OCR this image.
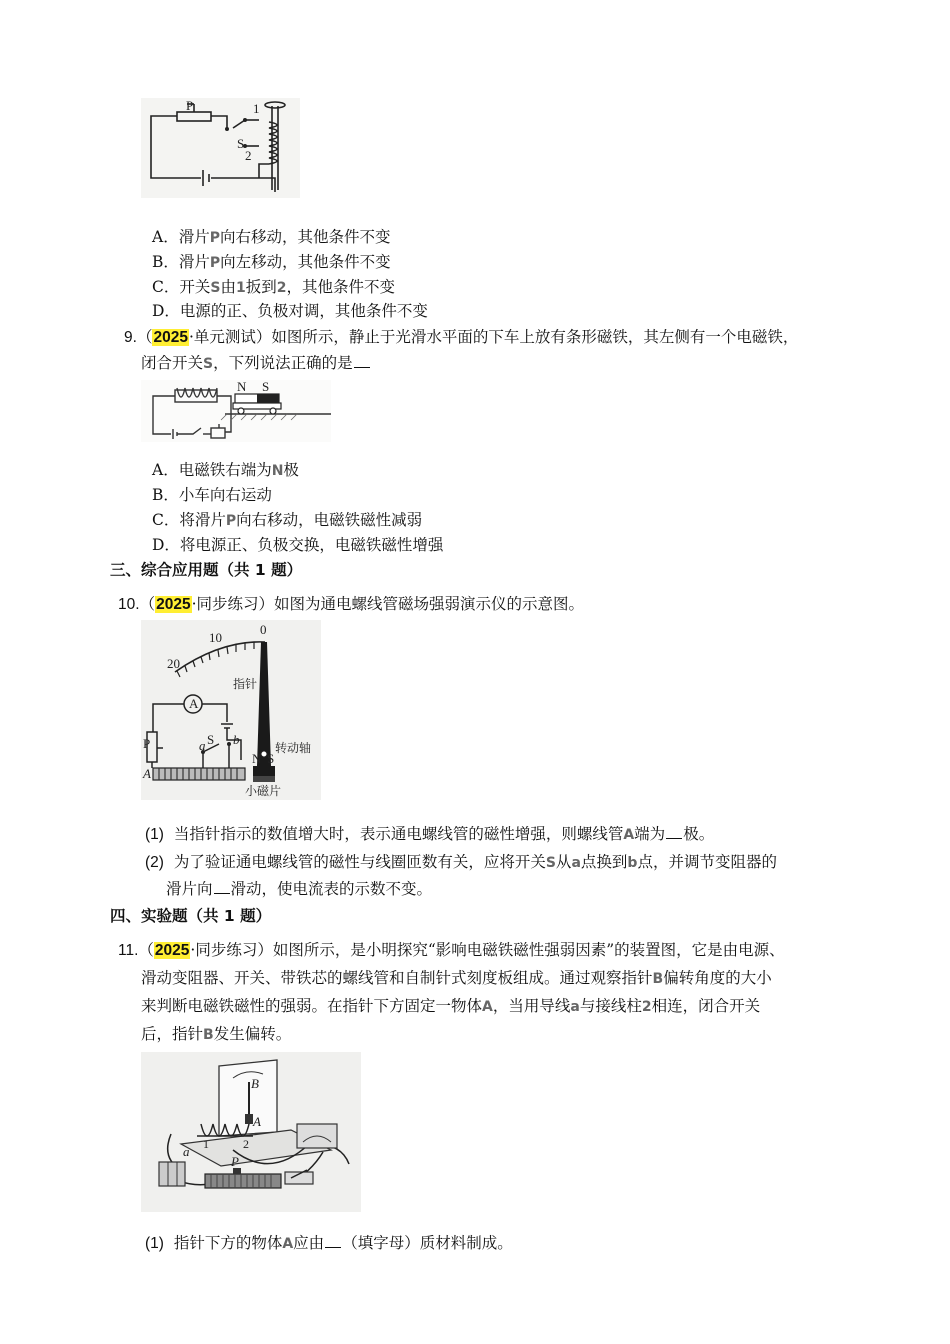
P	1
S
2
A．滑片P向右移动，其他条件不变
B．滑片P向左移动，其他条件不变
C．开关S由1扳到2，其他条件不变
D．电源的正、负极对调，其他条件不变
9.（2025·单元测试）如图所示，静止于光滑水平面的下车上放有条形磁铁，其左侧有一个电磁铁，
闭合开关S，下列说法正确的是
N S
A．电磁铁右端为N极
B．小车向右运动
C．将滑片P向右移动，电磁铁磁性减弱
D．将电源正、负极交换，电磁铁磁性增强
三、综合应用题（共 1 题）
10.（2025·同步练习）如图为通电螺线管磁场强弱演示仪的示意图。
0
10
20
指针
A
P	S
a b
A
N S
转动轴
小磁片
(1) 当指针指示的数值增大时，表示通电螺线管的磁性增强，则螺线管A端为 极。
(2) 为了验证通电螺线管的磁性与线圈匝数有关，应将开关S从a点换到b点，并调节变阻器的
滑片向 滑动，使电流表的示数不变。
四、实验题（共 1 题）
11.（2025·同步练习）如图所示，是小明探究“影响电磁铁磁性强弱因素”的装置图，它是由电源、
滑动变阻器、开关、带铁芯的螺线管和自制针式刻度板组成。通过观察指针B偏转角度的大小
来判断电磁铁磁性的强弱。在指针下方固定一物体A，当用导线a与接线柱2相连，闭合开关
后，指针B发生偏转。
B
A
a 1	2
P
(1) 指针下方的物体A应由 （填字母）质材料制成。
